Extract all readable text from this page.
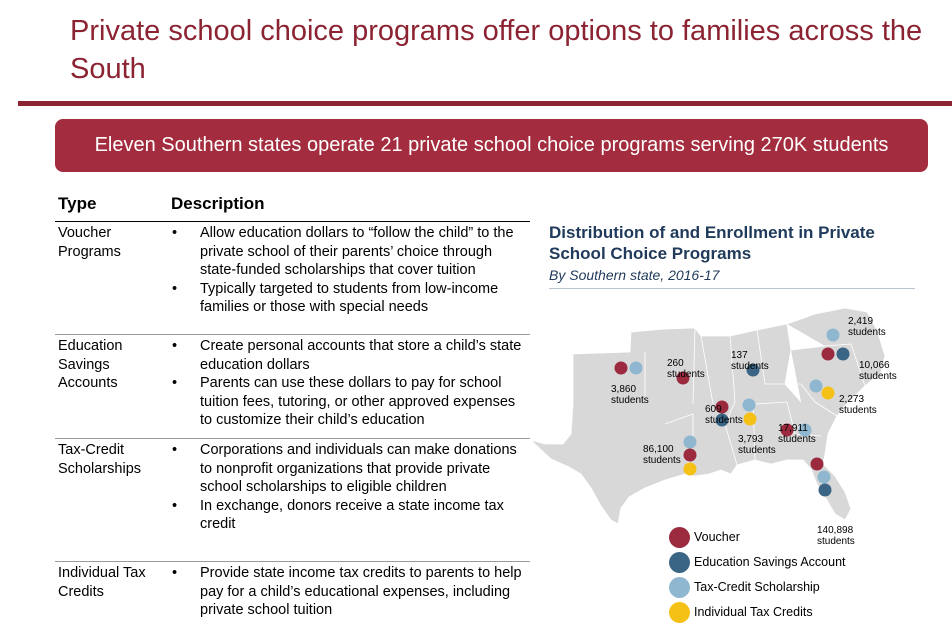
Private school choice programs offer options to families across the South
Eleven Southern states operate 21 private school choice programs serving 270K students
Type	Description
Voucher Programs
• Allow education dollars to “follow the child” to the private school of their parents’ choice through state-funded scholarships that cover tuition
• Typically targeted to students from low-income families or those with special needs
Education Savings Accounts
• Create personal accounts that store a child’s state education dollars
• Parents can use these dollars to pay for school tuition fees, tutoring, or other approved expenses to customize their child’s education
Tax-Credit Scholarships
• Corporations and individuals can make donations to nonprofit organizations that provide private school scholarships to eligible children
• In exchange, donors receive a state income tax credit
Individual Tax Credits
• Provide state income tax credits to parents to help pay for a child’s educational expenses, including private school tuition
Distribution of and Enrollment in Private School Choice Programs
By Southern state, 2016-17
3,860 students
260 students
137 students
2,419 students
10,066 students
609 students
2,273 students
17,911 students
86,100 students
3,793 students
140,898 students
Voucher
Education Savings Account
Tax-Credit Scholarship
Individual Tax Credits
